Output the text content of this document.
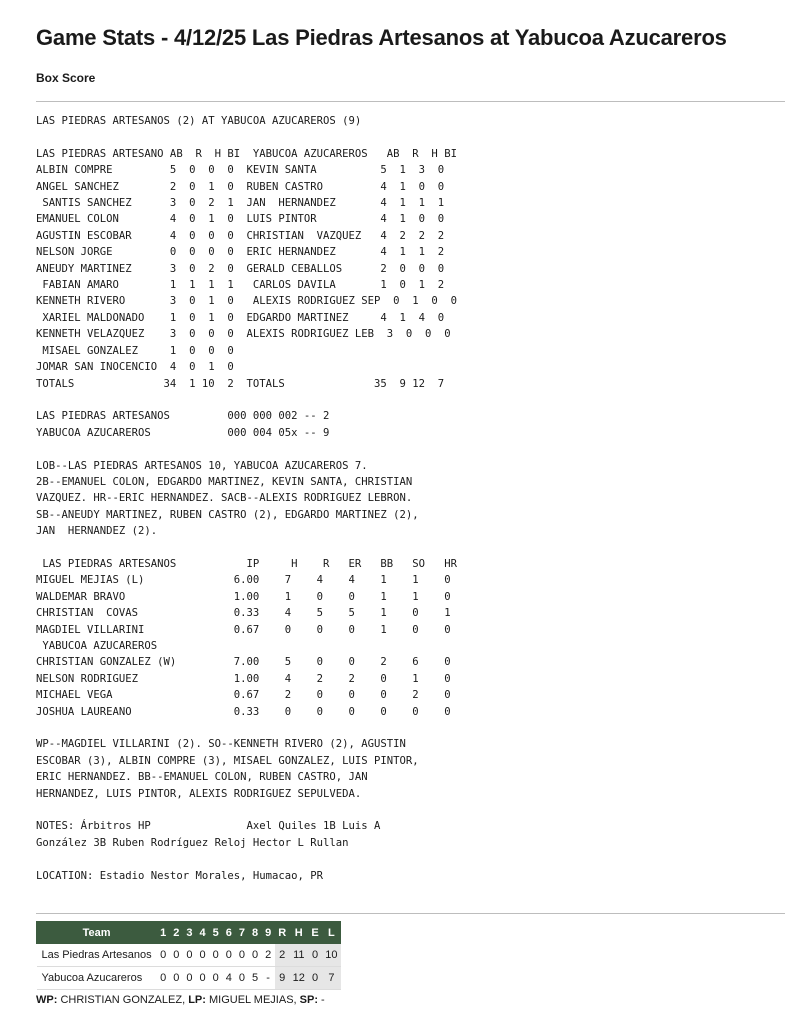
Game Stats - 4/12/25 Las Piedras Artesanos at Yabucoa Azucareros
Box Score
LAS PIEDRAS ARTESANOS (2) AT YABUCOA AZUCAREROS (9)

LAS PIEDRAS ARTESANO AB  R  H BI  YABUCOA AZUCAREROS   AB  R  H BI
ALBIN COMPRE         5  0  0  0  KEVIN SANTA          5  1  3  0
ANGEL SANCHEZ        2  0  1  0  RUBEN CASTRO         4  1  0  0
SANTIS SANCHEZ      3  0  2  1  JAN  HERNANDEZ       4  1  1  1
EMANUEL COLON        4  0  1  0  LUIS PINTOR          4  1  0  0
AGUSTIN ESCOBAR      4  0  0  0  CHRISTIAN  VAZQUEZ   4  2  2  2
NELSON JORGE         0  0  0  0  ERIC HERNANDEZ       4  1  1  2
ANEUDY MARTINEZ      3  0  2  0  GERALD CEBALLOS      2  0  0  0
FABIAN AMARO        1  1  1  1   CARLOS DAVILA       1  0  1  2
KENNETH RIVERO       3  0  1  0   ALEXIS RODRIGUEZ SEP  0  1  0  0
XARIEL MALDONADO    1  0  1  0  EDGARDO MARTINEZ     4  1  4  0
KENNETH VELAZQUEZ    3  0  0  0  ALEXIS RODRIGUEZ LEB  3  0  0  0
MISAEL GONZALEZ     1  0  0  0
JOMAR SAN INOCENCIO  4  0  1  0
TOTALS              34  1 10  2  TOTALS              35  9 12  7

LAS PIEDRAS ARTESANOS         000 000 002 -- 2
YABUCOA AZUCAREROS            000 004 05x -- 9

LOB--LAS PIEDRAS ARTESANOS 10, YABUCOA AZUCAREROS 7.
2B--EMANUEL COLON, EDGARDO MARTINEZ, KEVIN SANTA, CHRISTIAN
VAZQUEZ. HR--ERIC HERNANDEZ. SACB--ALEXIS RODRIGUEZ LEBRON.
SB--ANEUDY MARTINEZ, RUBEN CASTRO (2), EDGARDO MARTINEZ (2),
JAN  HERNANDEZ (2).

LAS PIEDRAS ARTESANOS           IP     H    R   ER   BB   SO   HR
MIGUEL MEJIAS (L)              6.00    7    4    4    1    1    0
WALDEMAR BRAVO                 1.00    1    0    0    1    1    0
CHRISTIAN  COVAS               0.33    4    5    5    1    0    1
MAGDIEL VILLARINI              0.67    0    0    0    1    0    0
YABUCOA AZUCAREROS
CHRISTIAN GONZALEZ (W)         7.00    5    0    0    2    6    0
NELSON RODRIGUEZ               1.00    4    2    2    0    1    0
MICHAEL VEGA                   0.67    2    0    0    0    2    0
JOSHUA LAUREANO                0.33    0    0    0    0    0    0

WP--MAGDIEL VILLARINI (2). SO--KENNETH RIVERO (2), AGUSTIN
ESCOBAR (3), ALBIN COMPRE (3), MISAEL GONZALEZ, LUIS PINTOR,
ERIC HERNANDEZ. BB--EMANUEL COLON, RUBEN CASTRO, JAN
HERNANDEZ, LUIS PINTOR, ALEXIS RODRIGUEZ SEPULVEDA.

NOTES: Árbitros HP               Axel Quiles 1B Luis A
González 3B Ruben Rodríguez Reloj Hector L Rullan

LOCATION: Estadio Nestor Morales, Humacao, PR
Team	1	2	3	4	5	6	7	8	9	R	H	E	L
Las Piedras Artesanos	0	0	0	0	0	0	0	0	2	2	11	0	10
Yabucoa Azucareros	0	0	0	0	0	4	0	5	-	9	12	0	7
WP: CHRISTIAN GONZALEZ, LP: MIGUEL MEJIAS, SP: -
